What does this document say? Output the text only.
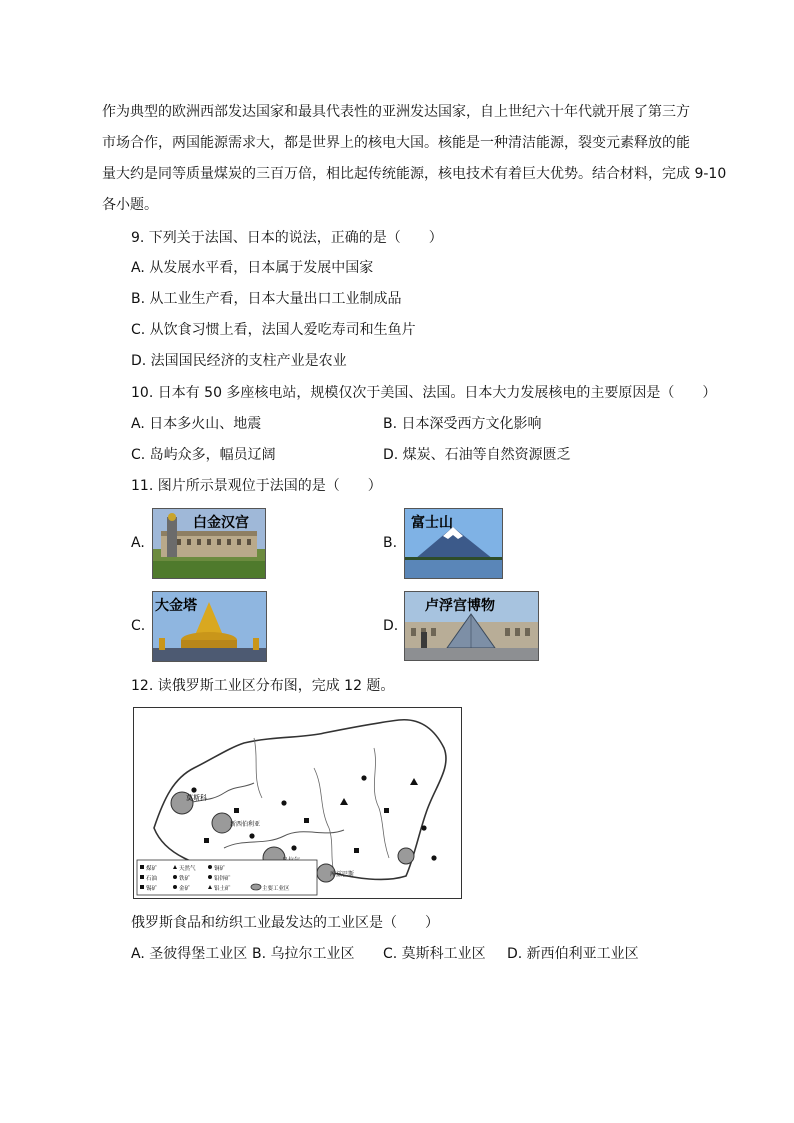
作为典型的欧洲西部发达国家和最具代表性的亚洲发达国家，自上世纪六十年代就开展了第三方
市场合作，两国能源需求大，都是世界上的核电大国。核能是一种清洁能源，裂变元素释放的能
量大约是同等质量煤炭的三百万倍，相比起传统能源，核电技术有着巨大优势。结合材料，完成 9-10
各小题。
9. 下列关于法国、日本的说法，正确的是（　　）
A. 从发展水平看，日本属于发展中国家
B. 从工业生产看，日本大量出口工业制成品
C. 从饮食习惯上看，法国人爱吃寿司和生鱼片
D. 法国国民经济的支柱产业是农业
10. 日本有 50 多座核电站，规模仅次于美国、法国。日本大力发展核电的主要原因是（　　）
A. 日本多火山、地震	B. 日本深受西方文化影响
C. 岛屿众多，幅员辽阔	D. 煤炭、石油等自然资源匮乏
11. 图片所示景观位于法国的是（　　）
A.
白金汉宫
B.
富士山
C.
大金塔
D.
卢浮宫博物
12. 读俄罗斯工业区分布图，完成 12 题。
莫斯科
新西伯利亚
库兹巴斯
煤矿	天然气	铜矿
石油	铁矿	铅锌矿
锡矿	金矿	铝土矿	主要工业区
俄罗斯食品和纺织工业最发达的工业区是（　　）
A. 圣彼得堡工业区 B. 乌拉尔工业区 C. 莫斯科工业区 D. 新西伯利亚工业区
